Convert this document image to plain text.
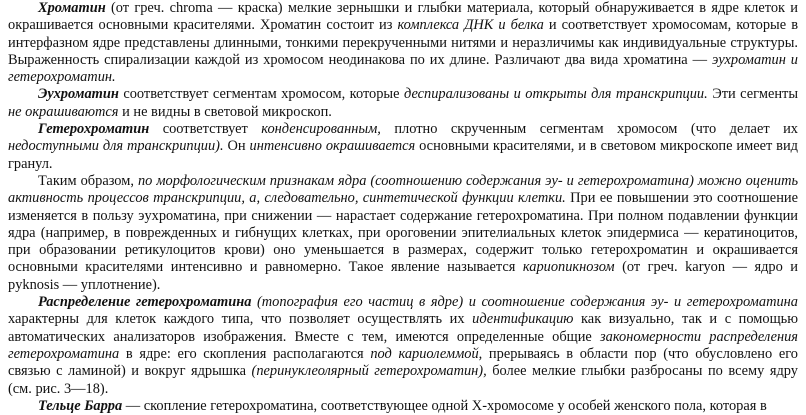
Хроматин (от греч. chroma — краска) мелкие зернышки и глыбки материала, который обнаруживается в ядре клеток и окрашивается основными красителями. Хроматин состоит из комплекса ДНК и белка и соответствует хромосомам, которые в интерфазном ядре представлены длинными, тонкими перекрученными нитями и неразличимы как индивидуальные структуры. Выраженность спирализации каждой из хромосом неодинакова по их длине. Различают два вида хроматина — эухроматин и гетерохроматин.

Эухроматин соответствует сегментам хромосом, которые деспирализованы и открыты для транскрипции. Эти сегменты не окрашиваются и не видны в световой микроскоп.

Гетерохроматин соответствует конденсированным, плотно скрученным сегментам хромосом (что делает их недоступными для транскрипции). Он интенсивно окрашивается основными красителями, и в световом микроскопе имеет вид гранул.

Таким образом, по морфологическим признакам ядра (соотношению содержания эу- и гетерохроматина) можно оценить активность процессов транскрипции, а, следовательно, синтетической функции клетки. При ее повышении это соотношение изменяется в пользу эухроматина, при снижении — нарастает содержание гетерохроматина. При полном подавлении функции ядра (например, в поврежденных и гибнущих клетках, при ороговении эпителиальных клеток эпидермиса — кератиноцитов, при образовании ретикулоцитов крови) оно уменьшается в размерах, содержит только гетерохроматин и окрашивается основными красителями интенсивно и равномерно. Такое явление называется кариопикнозом (от греч. karyon — ядро и pyknosis — уплотнение).

Распределение гетерохроматина (топография его частиц в ядре) и соотношение содержания эу- и гетерохроматина характерны для клеток каждого типа, что позволяет осуществлять их идентификацию как визуально, так и с помощью автоматических анализаторов изображения. Вместе с тем, имеются определенные общие закономерности распределения гетерохроматина в ядре: его скопления располагаются под кариолеммой, прерываясь в области пор (что обусловлено его связью с ламиной) и вокруг ядрышка (перинуклеолярный гетерохроматин), более мелкие глыбки разбросаны по всему ядру (см. рис. 3—18).

Тельце Барра — скопление гетерохроматина, соответствующее одной Х-хромосоме у особей женского пола, которая в
